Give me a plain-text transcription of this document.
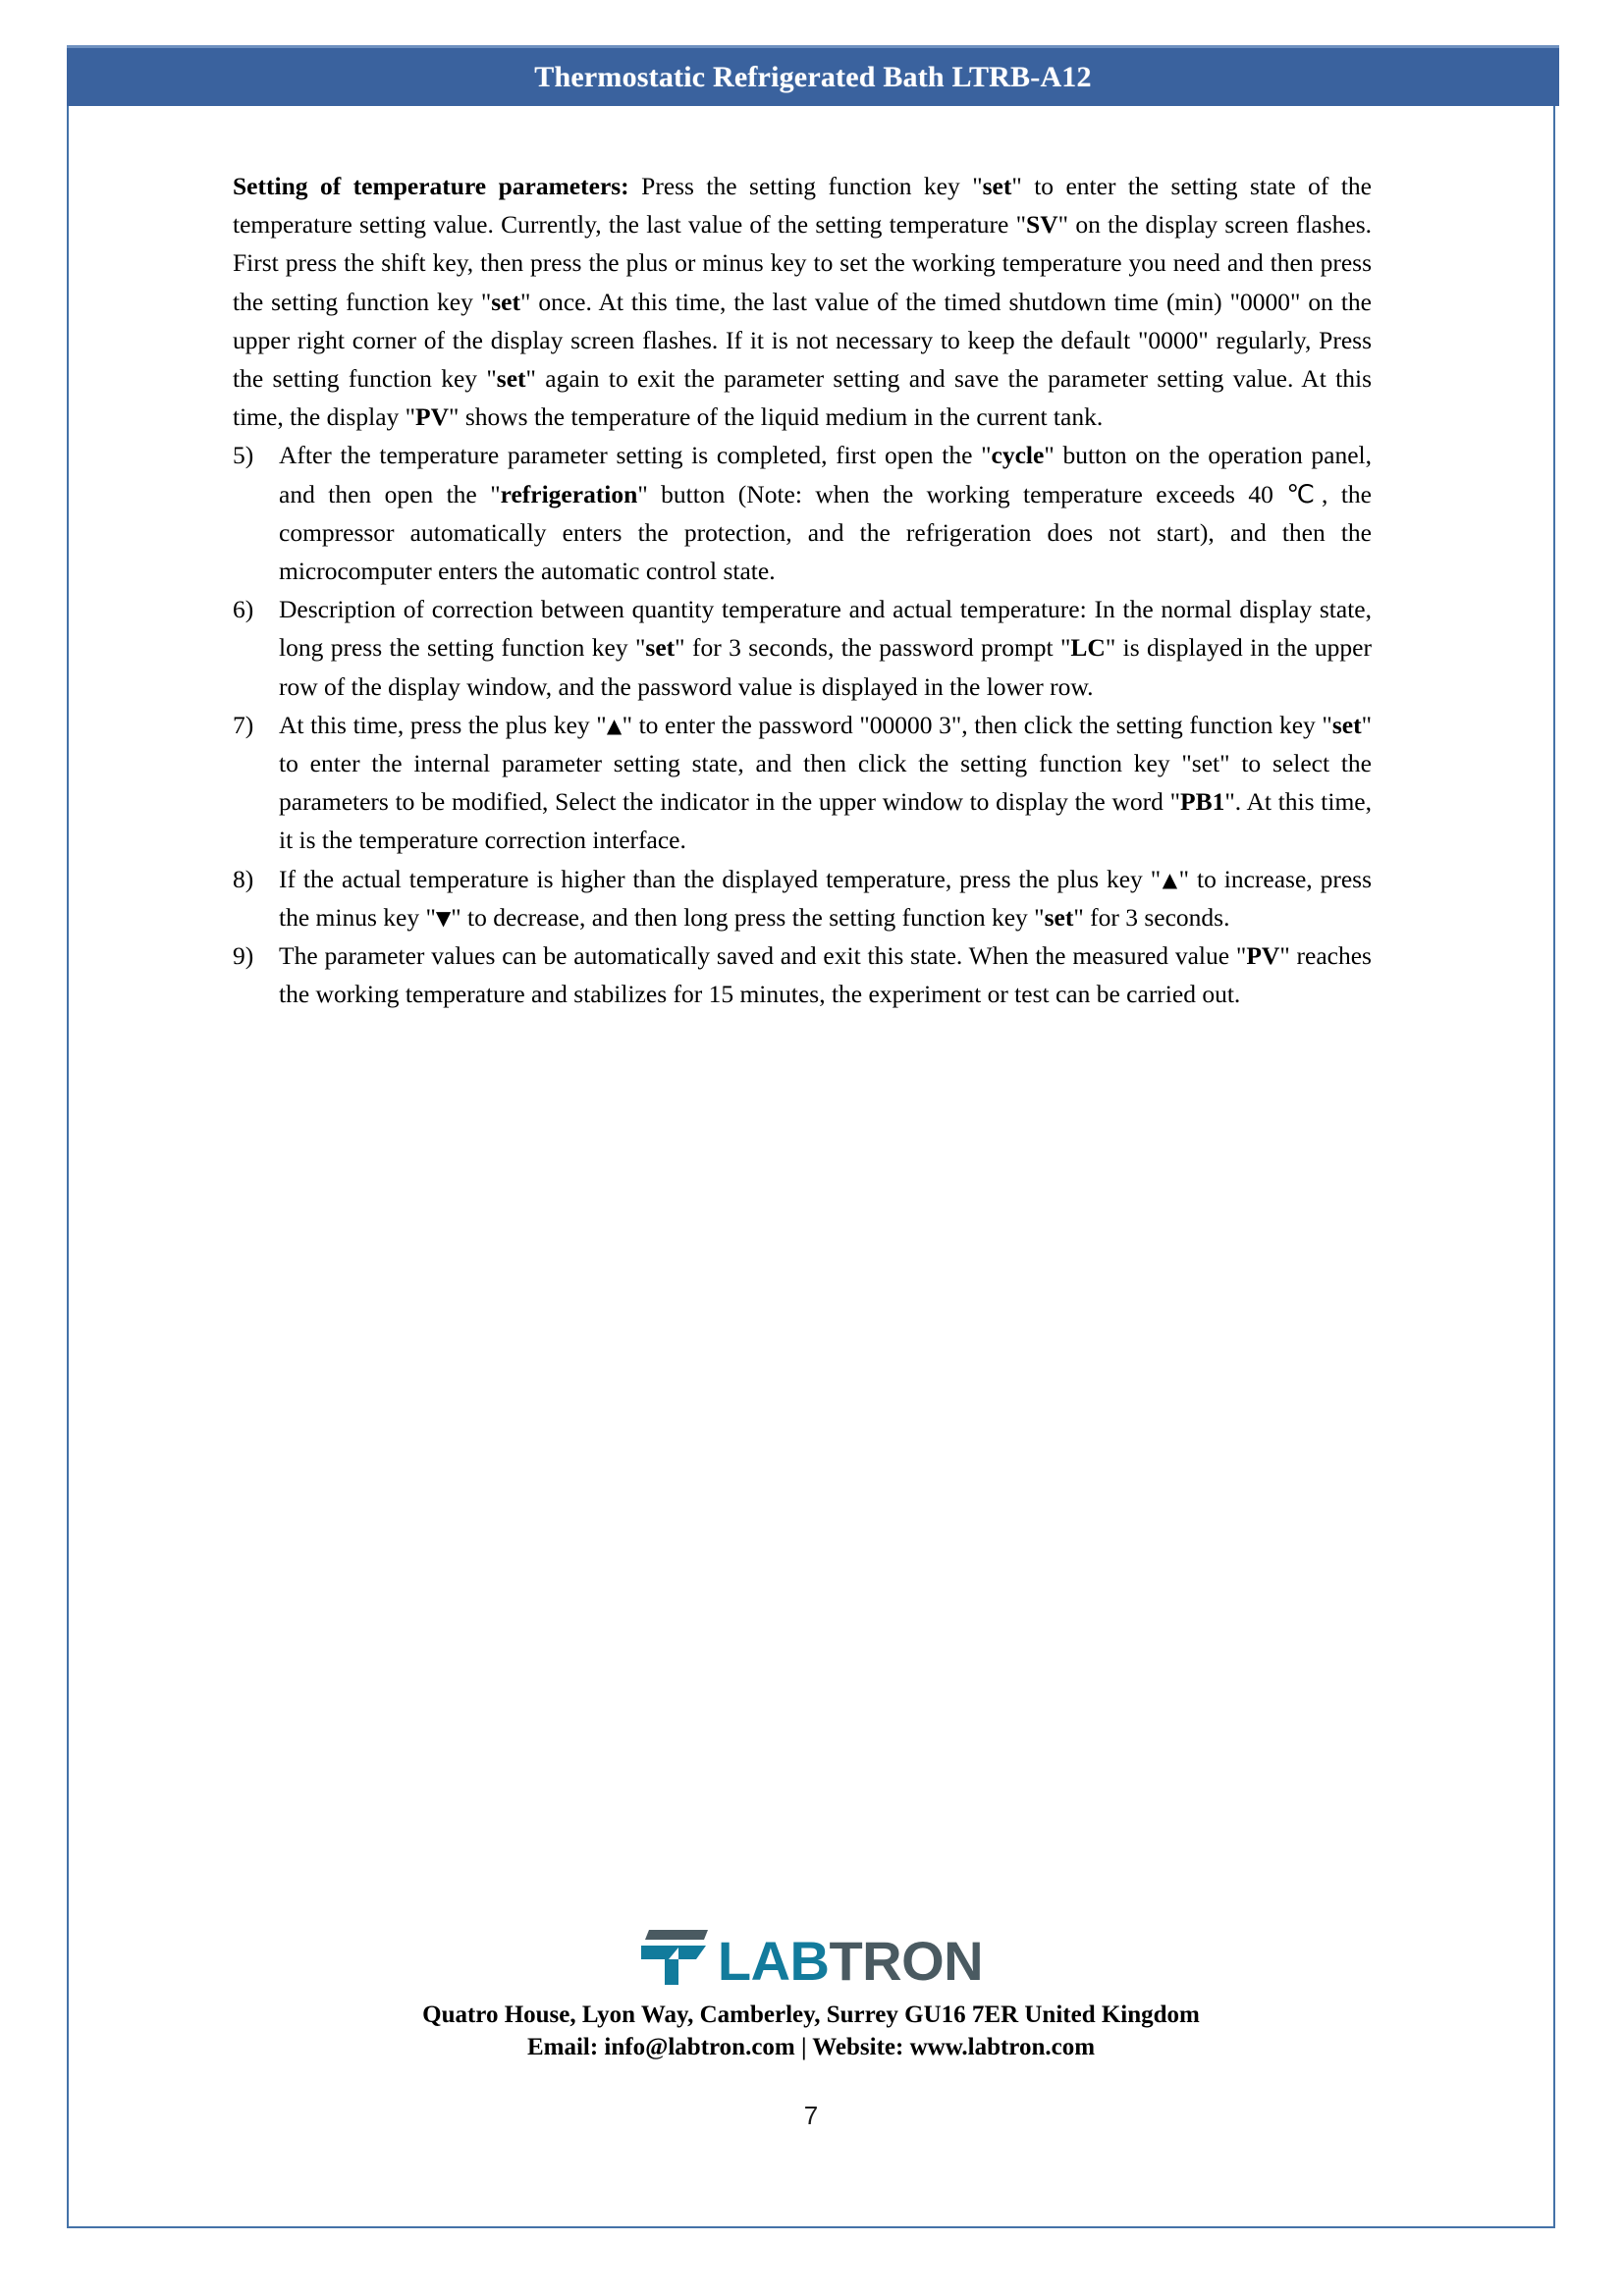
Thermostatic Refrigerated Bath LTRB-A12

Setting of temperature parameters: Press the setting function key "set" to enter the setting state of the temperature setting value. Currently, the last value of the setting temperature "SV" on the display screen flashes. First press the shift key, then press the plus or minus key to set the working temperature you need and then press the setting function key "set" once. At this time, the last value of the timed shutdown time (min) "0000" on the upper right corner of the display screen flashes. If it is not necessary to keep the default "0000" regularly, Press the setting function key "set" again to exit the parameter setting and save the parameter setting value. At this time, the display "PV" shows the temperature of the liquid medium in the current tank.

5)	After the temperature parameter setting is completed, first open the "cycle" button on the operation panel, and then open the "refrigeration" button (Note: when the working temperature exceeds 40 ℃, the compressor automatically enters the protection, and the refrigeration does not start), and then the microcomputer enters the automatic control state.
6)	Description of correction between quantity temperature and actual temperature: In the normal display state, long press the setting function key "set" for 3 seconds, the password prompt "LC" is displayed in the upper row of the display window, and the password value is displayed in the lower row.
7)	At this time, press the plus key "▲" to enter the password "00000 3", then click the setting function key "set" to enter the internal parameter setting state, and then click the setting function key "set" to select the parameters to be modified, Select the indicator in the upper window to display the word "PB1". At this time, it is the temperature correction interface.
8)	If the actual temperature is higher than the displayed temperature, press the plus key "▲" to increase, press the minus key "▼" to decrease, and then long press the setting function key "set" for 3 seconds.
9)	The parameter values can be automatically saved and exit this state. When the measured value "PV" reaches the working temperature and stabilizes for 15 minutes, the experiment or test can be carried out.
LABTRON
Quatro House, Lyon Way, Camberley, Surrey GU16 7ER United Kingdom
Email: info@labtron.com | Website: www.labtron.com
7
